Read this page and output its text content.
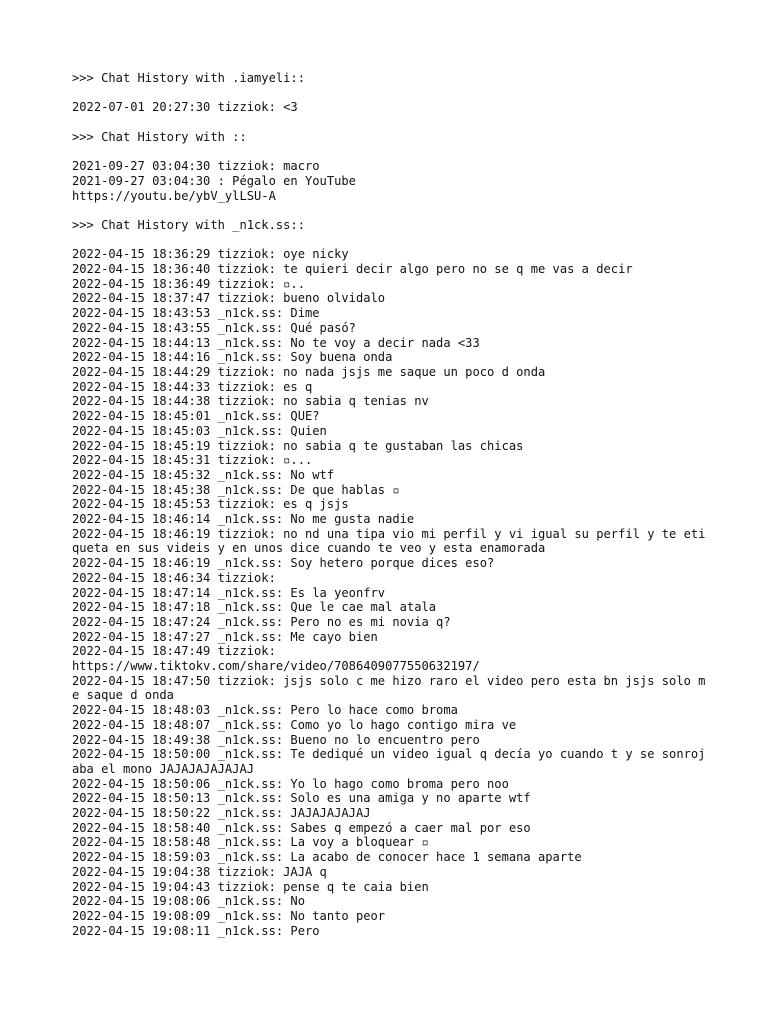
>>> Chat History with .iamyeli::
2022-07-01 20:27:30 tizziok: <3
>>> Chat History with ::
2021-09-27 03:04:30 tizziok: macro
2021-09-27 03:04:30 : Pégalo en YouTube
https://youtu.be/ybV_ylLSU-A
>>> Chat History with _n1ck.ss::
2022-04-15 18:36:29 tizziok: oye nicky
2022-04-15 18:36:40 tizziok: te quieri decir algo pero no se q me vas a decir
2022-04-15 18:36:49 tizziok: ▫..
2022-04-15 18:37:47 tizziok: bueno olvidalo
2022-04-15 18:43:53 _n1ck.ss: Dime
2022-04-15 18:43:55 _n1ck.ss: Qué pasó?
2022-04-15 18:44:13 _n1ck.ss: No te voy a decir nada <33
2022-04-15 18:44:16 _n1ck.ss: Soy buena onda
2022-04-15 18:44:29 tizziok: no nada jsjs me saque un poco d onda
2022-04-15 18:44:33 tizziok: es q
2022-04-15 18:44:38 tizziok: no sabia q tenias nv
2022-04-15 18:45:01 _n1ck.ss: QUE?
2022-04-15 18:45:03 _n1ck.ss: Quien
2022-04-15 18:45:19 tizziok: no sabia q te gustaban las chicas
2022-04-15 18:45:31 tizziok: ▫...
2022-04-15 18:45:32 _n1ck.ss: No wtf
2022-04-15 18:45:38 _n1ck.ss: De que hablas ▫
2022-04-15 18:45:53 tizziok: es q jsjs
2022-04-15 18:46:14 _n1ck.ss: No me gusta nadie
2022-04-15 18:46:19 tizziok: no nd una tipa vio mi perfil y vi igual su perfil y te etiqueta en sus videis y en unos dice cuando te veo y esta enamorada
2022-04-15 18:46:19 _n1ck.ss: Soy hetero porque dices eso?
2022-04-15 18:46:34 tizziok:
2022-04-15 18:47:14 _n1ck.ss: Es la yeonfrv
2022-04-15 18:47:18 _n1ck.ss: Que le cae mal atala
2022-04-15 18:47:24 _n1ck.ss: Pero no es mi novia q?
2022-04-15 18:47:27 _n1ck.ss: Me cayo bien
2022-04-15 18:47:49 tizziok:
https://www.tiktokv.com/share/video/7086409077550632197/
2022-04-15 18:47:50 tizziok: jsjs solo c me hizo raro el video pero esta bn jsjs solo me saque d onda
2022-04-15 18:48:03 _n1ck.ss: Pero lo hace como broma
2022-04-15 18:48:07 _n1ck.ss: Como yo lo hago contigo mira ve
2022-04-15 18:49:38 _n1ck.ss: Bueno no lo encuentro pero
2022-04-15 18:50:00 _n1ck.ss: Te dediqué un video igual q decía yo cuando t y se sonrojaba el mono JAJAJAJAJAJAJ
2022-04-15 18:50:06 _n1ck.ss: Yo lo hago como broma pero noo
2022-04-15 18:50:13 _n1ck.ss: Solo es una amiga y no aparte wtf
2022-04-15 18:50:22 _n1ck.ss: JAJAJAJAJAJ
2022-04-15 18:58:40 _n1ck.ss: Sabes q empezó a caer mal por eso
2022-04-15 18:58:48 _n1ck.ss: La voy a bloquear ▫
2022-04-15 18:59:03 _n1ck.ss: La acabo de conocer hace 1 semana aparte
2022-04-15 19:04:38 tizziok: JAJA q
2022-04-15 19:04:43 tizziok: pense q te caia bien
2022-04-15 19:08:06 _n1ck.ss: No
2022-04-15 19:08:09 _n1ck.ss: No tanto peor
2022-04-15 19:08:11 _n1ck.ss: Pero
